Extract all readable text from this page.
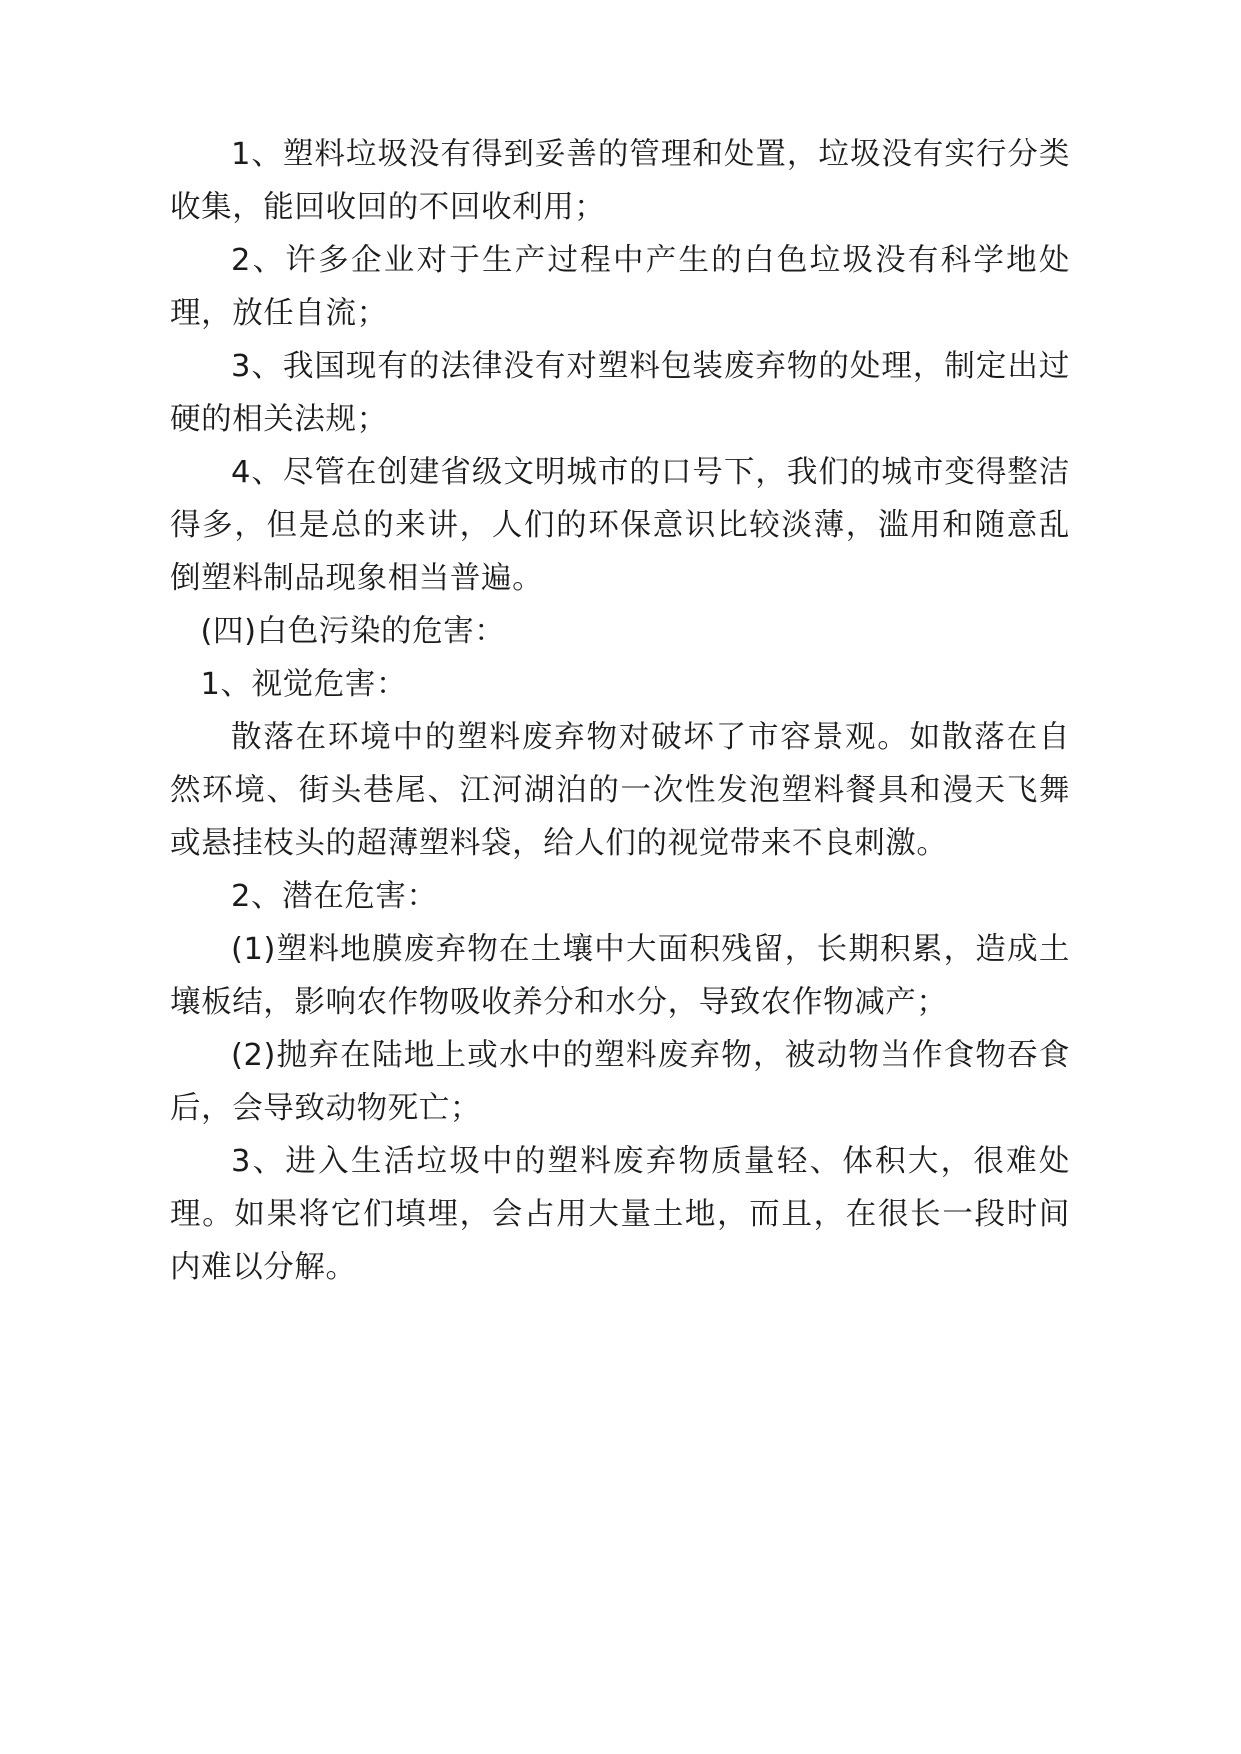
1、塑料垃圾没有得到妥善的管理和处置，垃圾没有实行分类收集，能回收回的不回收利用；

2、许多企业对于生产过程中产生的白色垃圾没有科学地处理，放任自流；

3、我国现有的法律没有对塑料包装废弃物的处理，制定出过硬的相关法规；

4、尽管在创建省级文明城市的口号下，我们的城市变得整洁得多，但是总的来讲，人们的环保意识比较淡薄，滥用和随意乱倒塑料制品现象相当普遍。

(四)白色污染的危害：

1、视觉危害：

散落在环境中的塑料废弃物对破坏了市容景观。如散落在自然环境、街头巷尾、江河湖泊的一次性发泡塑料餐具和漫天飞舞或悬挂枝头的超薄塑料袋，给人们的视觉带来不良刺激。

2、潜在危害：

(1)塑料地膜废弃物在土壤中大面积残留，长期积累，造成土壤板结，影响农作物吸收养分和水分，导致农作物减产；

(2)抛弃在陆地上或水中的塑料废弃物，被动物当作食物吞食后，会导致动物死亡；

3、进入生活垃圾中的塑料废弃物质量轻、体积大，很难处理。如果将它们填埋，会占用大量土地，而且，在很长一段时间内难以分解。
